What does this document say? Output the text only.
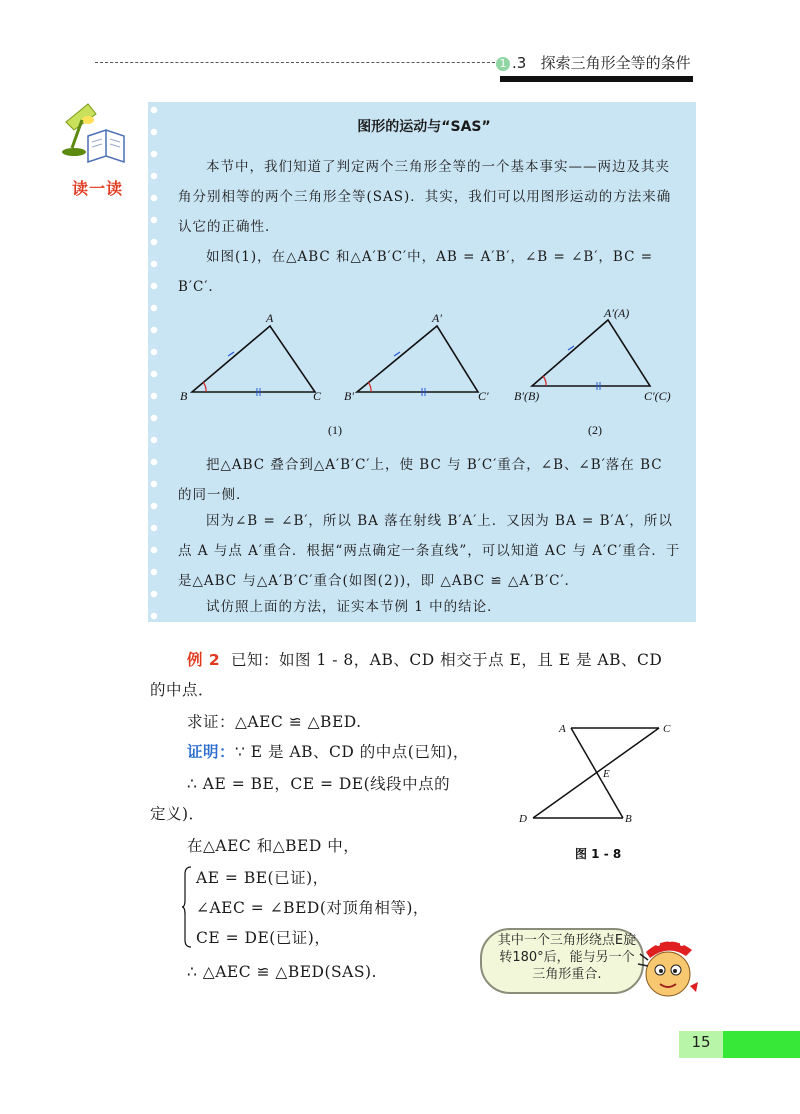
1 .3 探索三角形全等的条件
读一读
图形的运动与“SAS”
本节中，我们知道了判定两个三角形全等的一个基本事实——两边及其夹角分别相等的两个三角形全等(SAS)．其实，我们可以用图形运动的方法来确认它的正确性．
如图(1)，在△ABC 和△A′B′C′中，AB = A′B′，∠B = ∠B′，BC = B′C′.
A
B	C
A′
B′	C′
A′(A)
B′(B)	C′(C)
(1)	(2)
把△ABC 叠合到△A′B′C′上，使 BC 与 B′C′重合，∠B、∠B′落在 BC 的同一侧．
因为∠B = ∠B′，所以 BA 落在射线 B′A′上．又因为 BA = B′A′，所以点 A 与点 A′重合．根据“两点确定一条直线”，可以知道 AC 与 A′C′重合．于是△ABC 与△A′B′C′重合(如图(2))，即 △ABC ≌ △A′B′C′.
试仿照上面的方法，证实本节例 1 中的结论．
例 2 已知：如图 1 - 8，AB、CD 相交于点 E，且 E 是 AB、CD
的中点．
求证：△AEC ≌ △BED.
证明：∵ E 是 AB、CD 的中点(已知)，
∴ AE = BE，CE = DE(线段中点的
定义)．
在△AEC 和△BED 中，
AE = BE(已证)，
∠AEC = ∠BED(对顶角相等)，
CE = DE(已证)，
∴ △AEC ≌ △BED(SAS).
A	C
E
D	B
图 1 - 8
其中一个三角形绕点E旋转180°后，能与另一个三角形重合.
15
